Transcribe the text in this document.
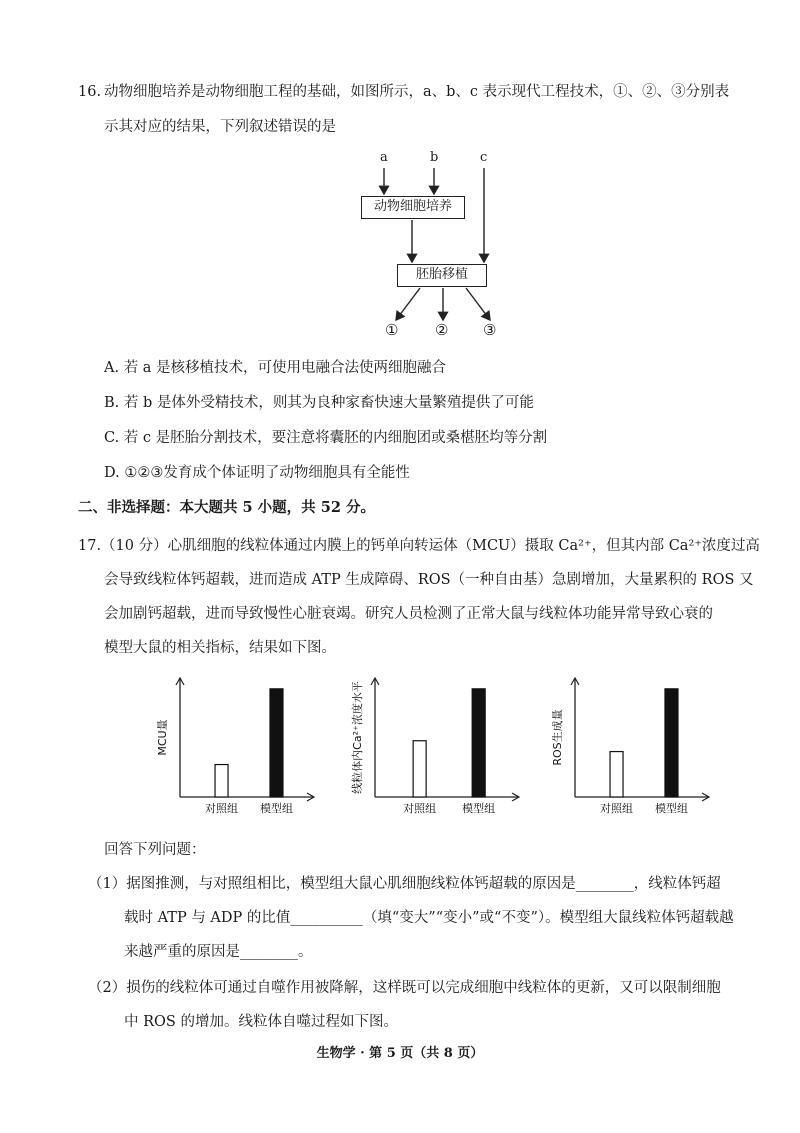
16. 动物细胞培养是动物细胞工程的基础，如图所示，a、b、c 表示现代工程技术，①、②、③分别表
示其对应的结果，下列叙述错误的是
a	b	c
动物细胞培养
胚胎移植
① ② ③
A. 若 a 是核移植技术，可使用电融合法使两细胞融合
B. 若 b 是体外受精技术，则其为良种家畜快速大量繁殖提供了可能
C. 若 c 是胚胎分割技术，要注意将囊胚的内细胞团或桑椹胚均等分割
D. ①②③发育成个体证明了动物细胞具有全能性
二、非选择题：本大题共 5 小题，共 52 分。
17.（10 分）心肌细胞的线粒体通过内膜上的钙单向转运体（MCU）摄取 Ca²⁺，但其内部 Ca²⁺浓度过高
会导致线粒体钙超载，进而造成 ATP 生成障碍、ROS（一种自由基）急剧增加，大量累积的 ROS 又
会加剧钙超载，进而导致慢性心脏衰竭。研究人员检测了正常大鼠与线粒体功能异常导致心衰的
模型大鼠的相关指标，结果如下图。
MCU量
对照组 模型组
线粒体内Ca²⁺浓度水平
对照组 模型组
ROS生成量
对照组 模型组
回答下列问题：
（1）据图推测，与对照组相比，模型组大鼠心肌细胞线粒体钙超载的原因是________，线粒体钙超
载时 ATP 与 ADP 的比值__________（填“变大”“变小”或“不变”）。模型组大鼠线粒体钙超载越
来越严重的原因是________。
（2）损伤的线粒体可通过自噬作用被降解，这样既可以完成细胞中线粒体的更新，又可以限制细胞
中 ROS 的增加。线粒体自噬过程如下图。
生物学 · 第 5 页（共 8 页）
